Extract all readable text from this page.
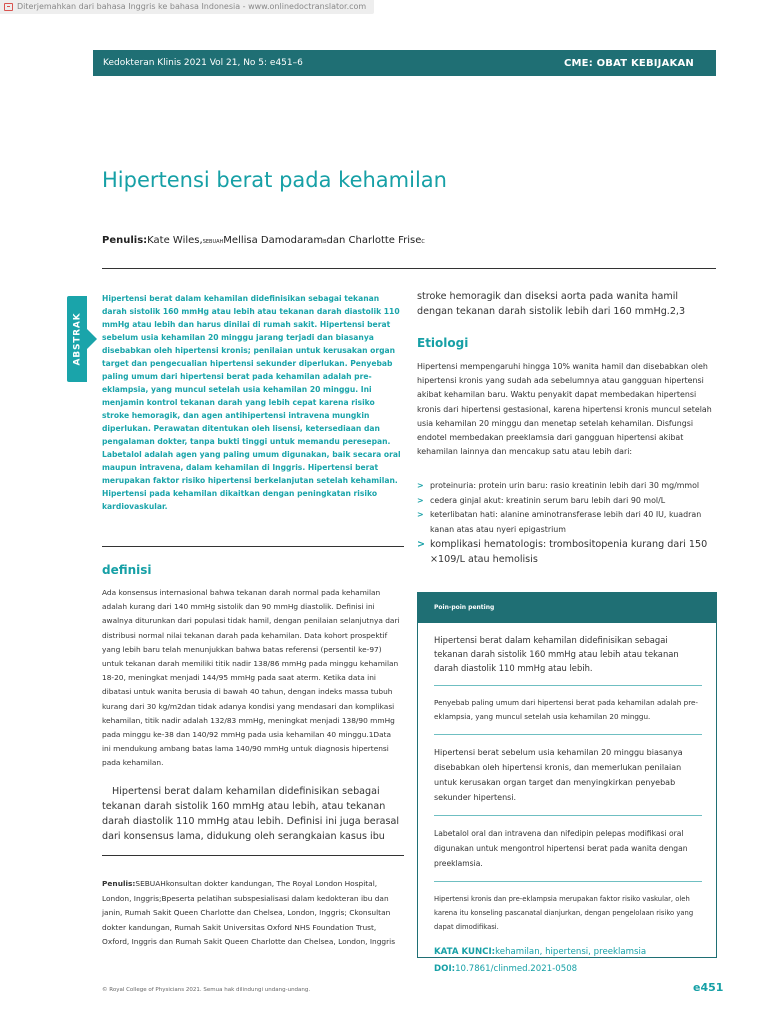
Diterjemahkan dari bahasa Inggris ke bahasa Indonesia - www.onlinedoctranslator.com
Kedokteran Klinis 2021 Vol 21, No 5: e451–6	CME: OBAT KEBIJAKAN
Hipertensi berat pada kehamilan
Penulis:Kate Wiles,SEBUAHMellisa DamodaramBdan Charlotte FriseC
ABSTRAK

Hipertensi berat dalam kehamilan didefinisikan sebagai tekanan darah sistolik 160 mmHg atau lebih atau tekanan darah diastolik 110 mmHg atau lebih dan harus dinilai di rumah sakit. Hipertensi berat sebelum usia kehamilan 20 minggu jarang terjadi dan biasanya disebabkan oleh hipertensi kronis; penilaian untuk kerusakan organ target dan pengecualian hipertensi sekunder diperlukan. Penyebab paling umum dari hipertensi berat pada kehamilan adalah pre-eklampsia, yang muncul setelah usia kehamilan 20 minggu. Ini menjamin kontrol tekanan darah yang lebih cepat karena risiko stroke hemoragik, dan agen antihipertensi intravena mungkin diperlukan. Perawatan ditentukan oleh lisensi, ketersediaan dan pengalaman dokter, tanpa bukti tinggi untuk memandu peresepan. Labetalol adalah agen yang paling umum digunakan, baik secara oral maupun intravena, dalam kehamilan di Inggris. Hipertensi berat merupakan faktor risiko hipertensi berkelanjutan setelah kehamilan. Hipertensi pada kehamilan dikaitkan dengan peningkatan risiko kardiovaskular.

definisi

Ada konsensus internasional bahwa tekanan darah normal pada kehamilan adalah kurang dari 140 mmHg sistolik dan 90 mmHg diastolik. Definisi ini awalnya diturunkan dari populasi tidak hamil, dengan penilaian selanjutnya dari distribusi normal nilai tekanan darah pada kehamilan. Data kohort prospektif yang lebih baru telah menunjukkan bahwa batas referensi (persentil ke-97) untuk tekanan darah memiliki titik nadir 138/86 mmHg pada minggu kehamilan 18-20, meningkat menjadi 144/95 mmHg pada saat aterm. Ketika data ini dibatasi untuk wanita berusia di bawah 40 tahun, dengan indeks massa tubuh kurang dari 30 kg/m2dan tidak adanya kondisi yang mendasari dan komplikasi kehamilan, titik nadir adalah 132/83 mmHg, meningkat menjadi 138/90 mmHg pada minggu ke-38 dan 140/92 mmHg pada usia kehamilan 40 minggu.1Data ini mendukung ambang batas lama 140/90 mmHg untuk diagnosis hipertensi pada kehamilan.

Hipertensi berat dalam kehamilan didefinisikan sebagai tekanan darah sistolik 160 mmHg atau lebih, atau tekanan darah diastolik 110 mmHg atau lebih. Definisi ini juga berasal dari konsensus lama, didukung oleh serangkaian kasus ibu

Penulis:SEBUAHkonsultan dokter kandungan, The Royal London Hospital, London, Inggris;Bpeserta pelatihan subspesialisasi dalam kedokteran ibu dan janin, Rumah Sakit Queen Charlotte dan Chelsea, London, Inggris; Ckonsultan dokter kandungan, Rumah Sakit Universitas Oxford NHS Foundation Trust, Oxford, Inggris dan Rumah Sakit Queen Charlotte dan Chelsea, London, Inggris

© Royal College of Physicians 2021. Semua hak dilindungi undang-undang.

stroke hemoragik dan diseksi aorta pada wanita hamil dengan tekanan darah sistolik lebih dari 160 mmHg.2,3

Etiologi

Hipertensi mempengaruhi hingga 10% wanita hamil dan disebabkan oleh hipertensi kronis yang sudah ada sebelumnya atau gangguan hipertensi akibat kehamilan baru. Waktu penyakit dapat membedakan hipertensi kronis dari hipertensi gestasional, karena hipertensi kronis muncul setelah usia kehamilan 20 minggu dan menetap setelah kehamilan. Disfungsi endotel membedakan preeklamsia dari gangguan hipertensi akibat kehamilan lainnya dan mencakup satu atau lebih dari:

> proteinuria: protein urin baru: rasio kreatinin lebih dari 30 mg/mmol
> cedera ginjal akut: kreatinin serum baru lebih dari 90 mol/L
> keterlibatan hati: alanine aminotransferase lebih dari 40 IU, kuadran kanan atas atau nyeri epigastrium
> komplikasi hematologis: trombositopenia kurang dari 150 ×109/L atau hemolisis
Poin-poin penting

Hipertensi berat dalam kehamilan didefinisikan sebagai tekanan darah sistolik 160 mmHg atau lebih atau tekanan darah diastolik 110 mmHg atau lebih.

Penyebab paling umum dari hipertensi berat pada kehamilan adalah pre-eklampsia, yang muncul setelah usia kehamilan 20 minggu.

Hipertensi berat sebelum usia kehamilan 20 minggu biasanya disebabkan oleh hipertensi kronis, dan memerlukan penilaian untuk kerusakan organ target dan menyingkirkan penyebab sekunder hipertensi.

Labetalol oral dan intravena dan nifedipin pelepas modifikasi oral digunakan untuk mengontrol hipertensi berat pada wanita dengan preeklamsia.

Hipertensi kronis dan pre-eklampsia merupakan faktor risiko vaskular, oleh karena itu konseling pascanatal dianjurkan, dengan pengelolaan risiko yang dapat dimodifikasi.

KATA KUNCI:kehamilan, hipertensi, preeklamsia
DOI:10.7861/clinmed.2021-0508
e451
